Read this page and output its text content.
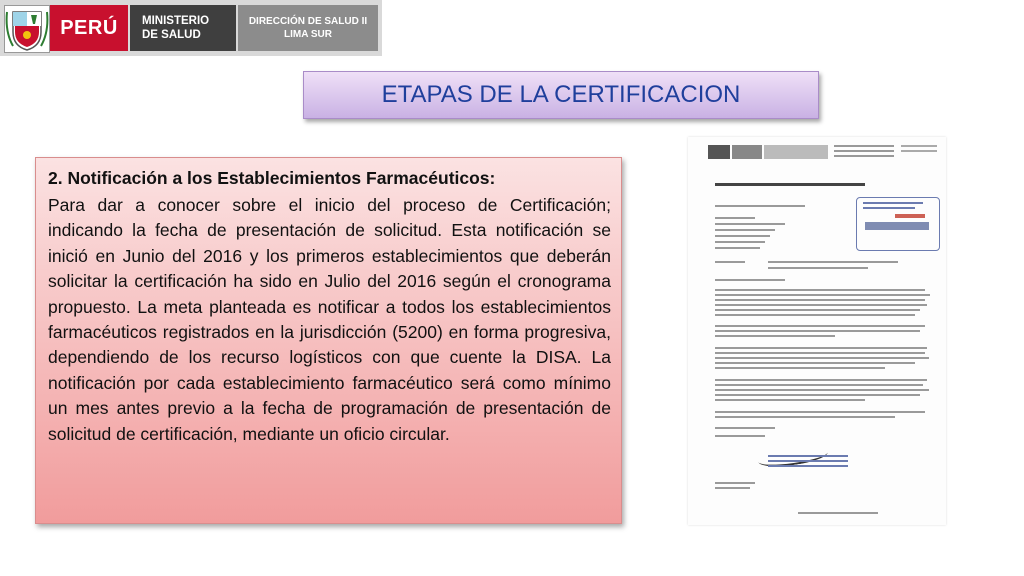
PERÚ	MINISTERIO
DE SALUD
DIRECCIÓN DE SALUD II
LIMA SUR
ETAPAS DE LA CERTIFICACION
2. Notificación a los Establecimientos Farmacéuticos:

Para dar a conocer sobre el inicio del proceso de Certificación; indicando la fecha de presentación de solicitud. Esta notificación se inició en Junio del 2016 y los primeros establecimientos que deberán solicitar la certificación ha sido en Julio del 2016 según el cronograma propuesto. La meta planteada es notificar a todos los establecimientos farmacéuticos registrados en la jurisdicción (5200) en forma progresiva, dependiendo de los recurso logísticos con que cuente la DISA. La notificación por cada establecimiento farmacéutico será como mínimo un mes antes previo a la fecha de programación de presentación de solicitud de certificación, mediante un oficio circular.
